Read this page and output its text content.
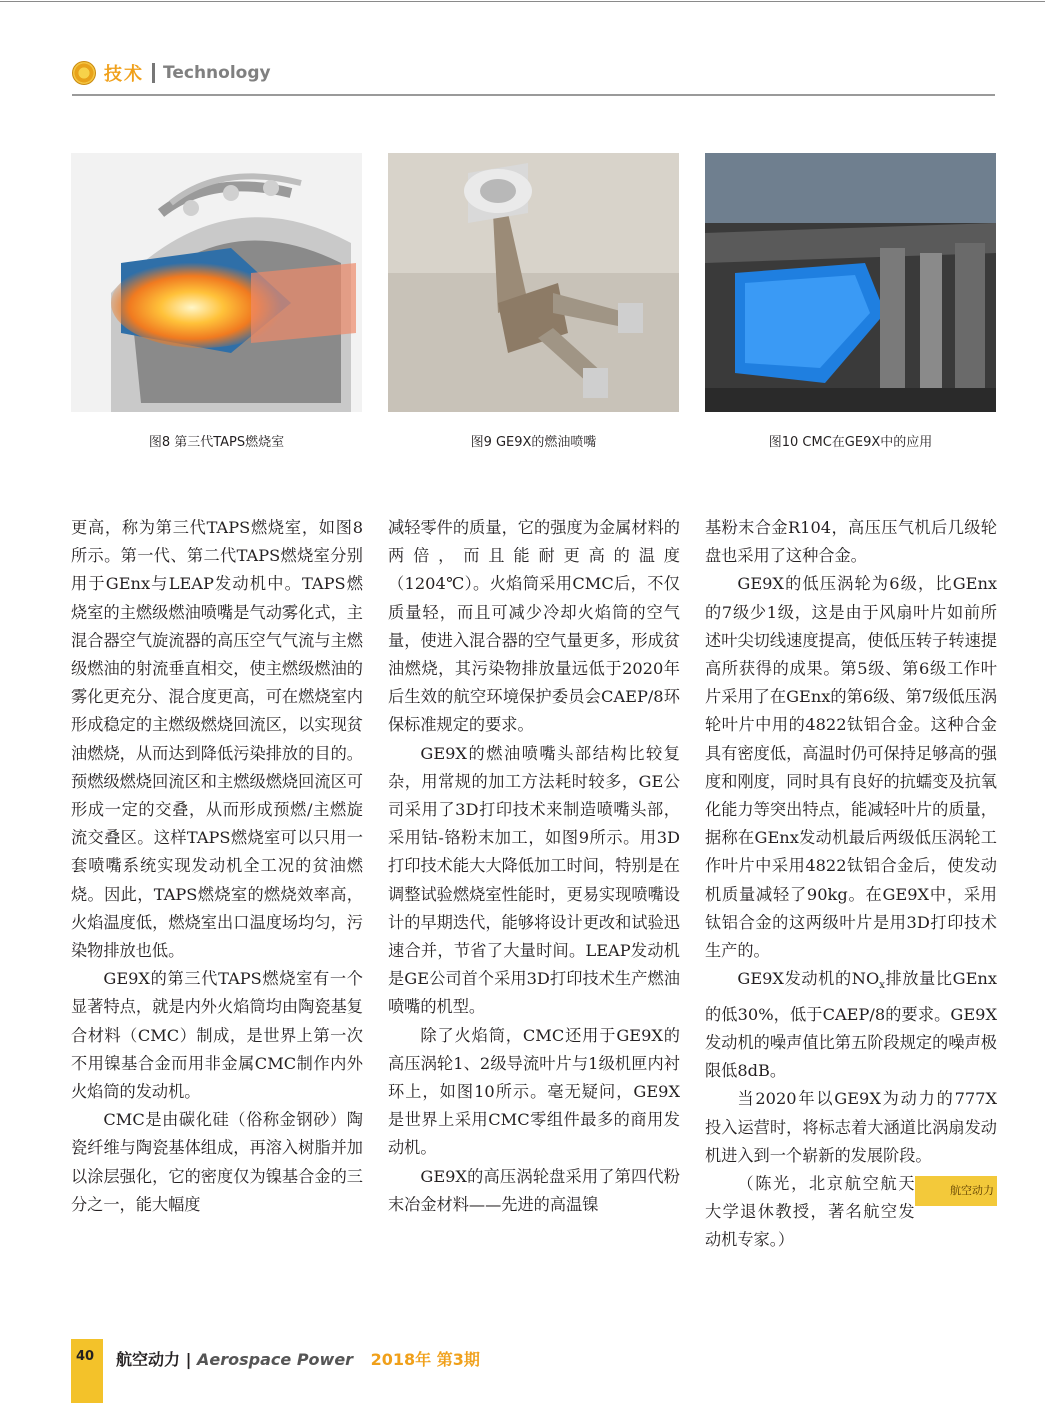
技术 Technology
图8 第三代TAPS燃烧室	图9 GE9X的燃油喷嘴	图10 CMC在GE9X中的应用

更高，称为第三代TAPS燃烧室，如图8所示。第一代、第二代TAPS燃烧室分别用于GEnx与LEAP发动机中。TAPS燃烧室的主燃级燃油喷嘴是气动雾化式，主混合器空气旋流器的高压空气气流与主燃级燃油的射流垂直相交，使主燃级燃油的雾化更充分、混合度更高，可在燃烧室内形成稳定的主燃级燃烧回流区，以实现贫油燃烧，从而达到降低污染排放的目的。预燃级燃烧回流区和主燃级燃烧回流区可形成一定的交叠，从而形成预燃/主燃旋流交叠区。这样TAPS燃烧室可以只用一套喷嘴系统实现发动机全工况的贫油燃烧。因此，TAPS燃烧室的燃烧效率高，火焰温度低，燃烧室出口温度场均匀，污染物排放也低。

GE9X的第三代TAPS燃烧室有一个显著特点，就是内外火焰筒均由陶瓷基复合材料（CMC）制成，是世界上第一次不用镍基合金而用非金属CMC制作内外火焰筒的发动机。

CMC是由碳化硅（俗称金钢砂）陶瓷纤维与陶瓷基体组成，再溶入树脂并加以涂层强化，它的密度仅为镍基合金的三分之一，能大幅度

减轻零件的质量，它的强度为金属材料的两倍，而且能耐更高的温度（1204℃）。火焰筒采用CMC后，不仅质量轻，而且可减少冷却火焰筒的空气量，使进入混合器的空气量更多，形成贫油燃烧，其污染物排放量远低于2020年后生效的航空环境保护委员会CAEP/8环保标准规定的要求。

GE9X的燃油喷嘴头部结构比较复杂，用常规的加工方法耗时较多，GE公司采用了3D打印技术来制造喷嘴头部，采用钴-铬粉末加工，如图9所示。用3D打印技术能大大降低加工时间，特别是在调整试验燃烧室性能时，更易实现喷嘴设计的早期迭代，能够将设计更改和试验迅速合并，节省了大量时间。LEAP发动机是GE公司首个采用3D打印技术生产燃油喷嘴的机型。

除了火焰筒，CMC还用于GE9X的高压涡轮1、2级导流叶片与1级机匣内衬环上，如图10所示。毫无疑问，GE9X是世界上采用CMC零组件最多的商用发动机。

GE9X的高压涡轮盘采用了第四代粉末冶金材料——先进的高温镍

基粉末合金R104，高压压气机后几级轮盘也采用了这种合金。

GE9X的低压涡轮为6级，比GEnx的7级少1级，这是由于风扇叶片如前所述叶尖切线速度提高，使低压转子转速提高所获得的成果。第5级、第6级工作叶片采用了在GEnx的第6级、第7级低压涡轮叶片中用的4822钛铝合金。这种合金具有密度低，高温时仍可保持足够高的强度和刚度，同时具有良好的抗蠕变及抗氧化能力等突出特点，能减轻叶片的质量，据称在GEnx发动机最后两级低压涡轮工作叶片中采用4822钛铝合金后，使发动机质量减轻了90kg。在GE9X中，采用钛铝合金的这两级叶片是用3D打印技术生产的。

GE9X发动机的$NO_x$排放量比GEnx的低30%，低于CAEP/8的要求。GE9X发动机的噪声值比第五阶段规定的噪声极限低8dB。

当2020年以GE9X为动力的777X投入运营时，将标志着大涵道比涡扇发动机进入到一个崭新的发展阶段。
航空动力

（陈光，北京航空航天大学退休教授，著名航空发动机专家。）

40 航空动力 | Aerospace Power 2018年 第3期
